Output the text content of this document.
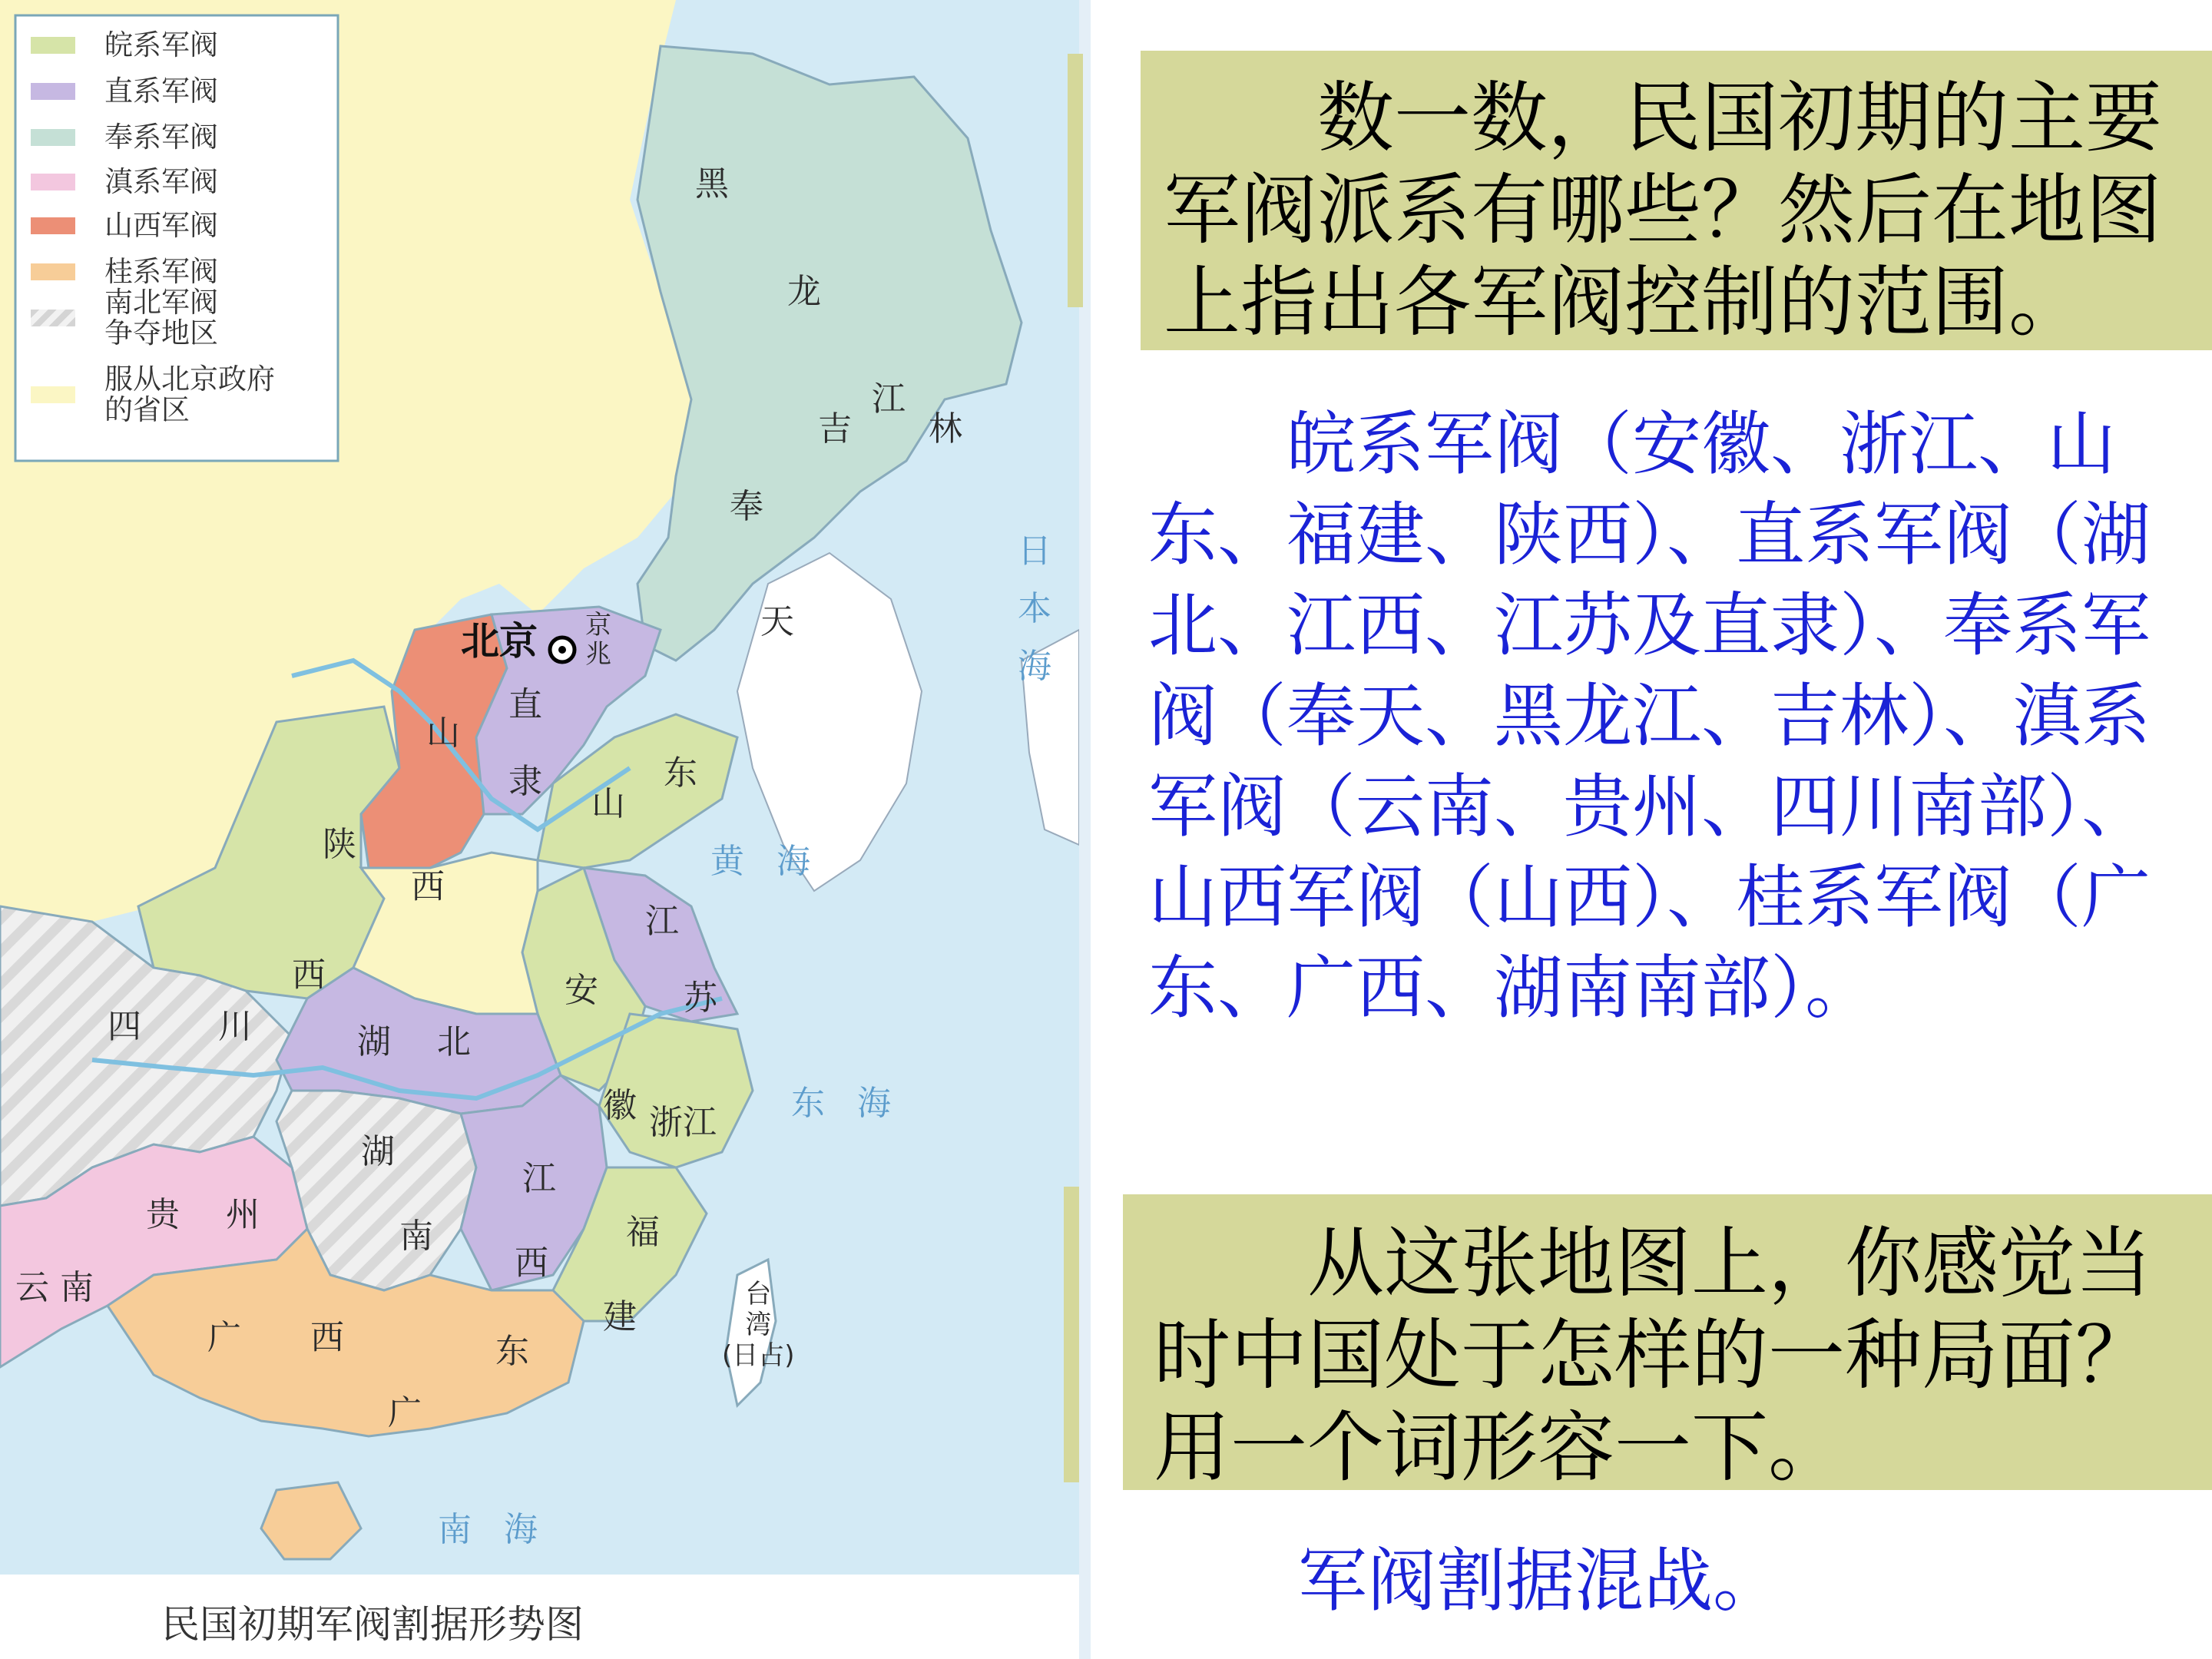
皖系军阀
直系军阀
奉系军阀
滇系军阀
山西军阀
桂系军阀
南北军阀
争夺地区
服从北京政府
的省区
黑
龙
江
吉 林
奉
天
山
西
直
隶
京
兆
山东
陕
西
江
苏
安
徽
湖 北
四 川
湖
南
江
西
浙江
福
建
贵 州
云 南
广 西	东
广
台
湾
(日占)
北京
日
本
海
黄   海
东   海
南   海
民国初期军阀割据形势图

　　数一数，民国初期的主要军阀派系有哪些？然后在地图上指出各军阀控制的范围。

　　皖系军阀（安徽、浙江、山东、福建、陕西）、直系军阀（湖北、江西、江苏及直隶）、奉系军阀（奉天、黑龙江、吉林）、滇系军阀（云南、贵州、四川南部）、山西军阀（山西）、桂系军阀（广东、广西、湖南南部）。

　　从这张地图上，你感觉当时中国处于怎样的一种局面？用一个词形容一下。

军阀割据混战。
